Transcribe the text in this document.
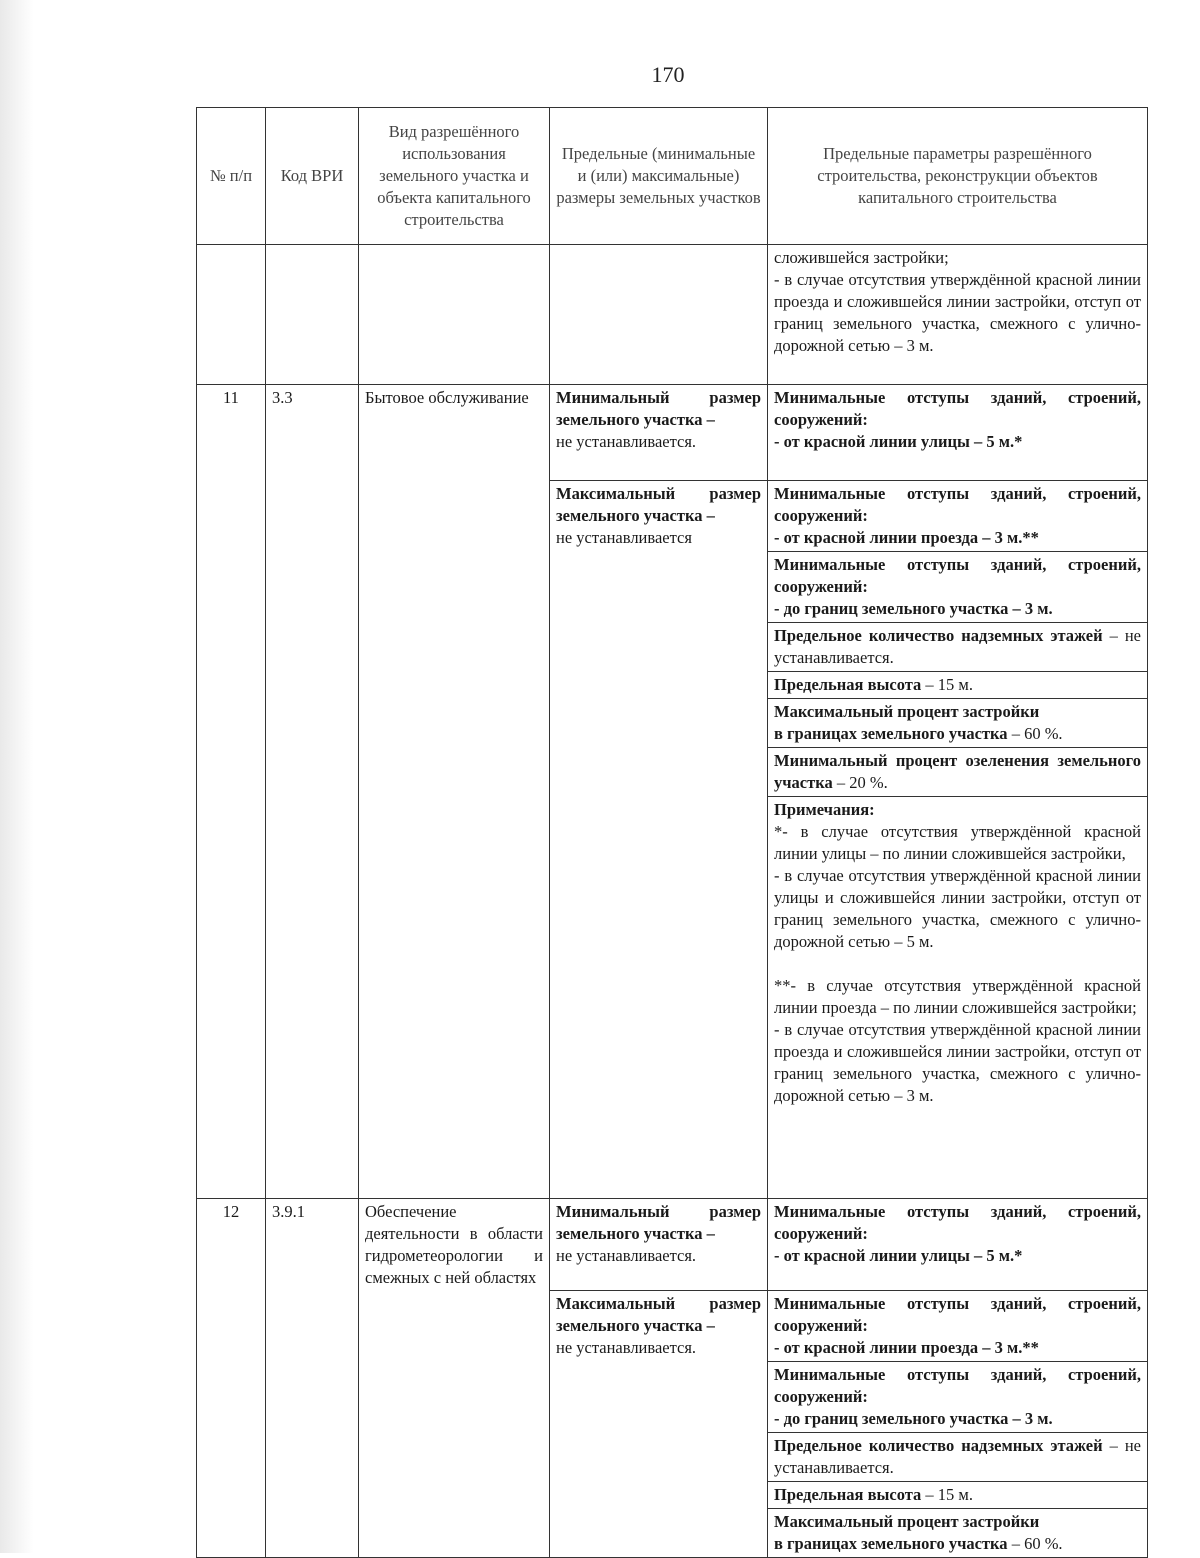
170
№ п/п	Код ВРИ	Вид разрешённого использования земельного участка и объекта капитального строительства	Предельные (минимальные и (или) максимальные) размеры земельных участков	Предельные параметры разрешённого строительства, реконструкции объектов капитального строительства

				сложившейся застройки;
- в случае отсутствия утверждённой красной линии проезда и сложившейся линии застройки, отступ от границ земельного участка, смежного с улично-дорожной сетью – 3 м.

11	3.3	Бытовое обслуживание	Минимальный размер земельного участка –
не устанавливается.	Минимальные отступы зданий, строений, сооружений:
- от красной линии улицы – 5 м.*

			Максимальный размер земельного участка –
не устанавливается	Минимальные отступы зданий, строений, сооружений:
- от красной линии проезда – 3 м.**

				Минимальные отступы зданий, строений, сооружений:
- до границ земельного участка – 3 м.
				Предельное количество надземных этажей – не устанавливается.
				Предельная высота – 15 м.

				Максимальный процент застройки
в границах земельного участка – 60 %.
				Минимальный процент озеленения земельного участка – 20 %.

				Примечания:
*- в случае отсутствия утверждённой красной линии улицы – по линии сложившейся застройки,
- в случае отсутствия утверждённой красной линии улицы и сложившейся линии застройки, отступ от границ земельного участка, смежного с улично-дорожной сетью – 5 м.
**- в случае отсутствия утверждённой красной линии проезда – по линии сложившейся застройки;
- в случае отсутствия утверждённой красной линии проезда и сложившейся линии застройки, отступ от границ земельного участка, смежного с улично-дорожной сетью – 3 м.

12	3.9.1	Обеспечение деятельности в области гидрометеорологии и смежных с ней областях	Минимальный размер земельного участка –
не устанавливается.	Минимальные отступы зданий, строений, сооружений:
- от красной линии улицы – 5 м.*

			Максимальный размер земельного участка –
не устанавливается.	Минимальные отступы зданий, строений, сооружений:
- от красной линии проезда – 3 м.**

				Минимальные отступы зданий, строений, сооружений:
- до границ земельного участка – 3 м.
				Предельное количество надземных этажей – не устанавливается.
				Предельная высота – 15 м.

				Максимальный процент застройки
в границах земельного участка – 60 %.
